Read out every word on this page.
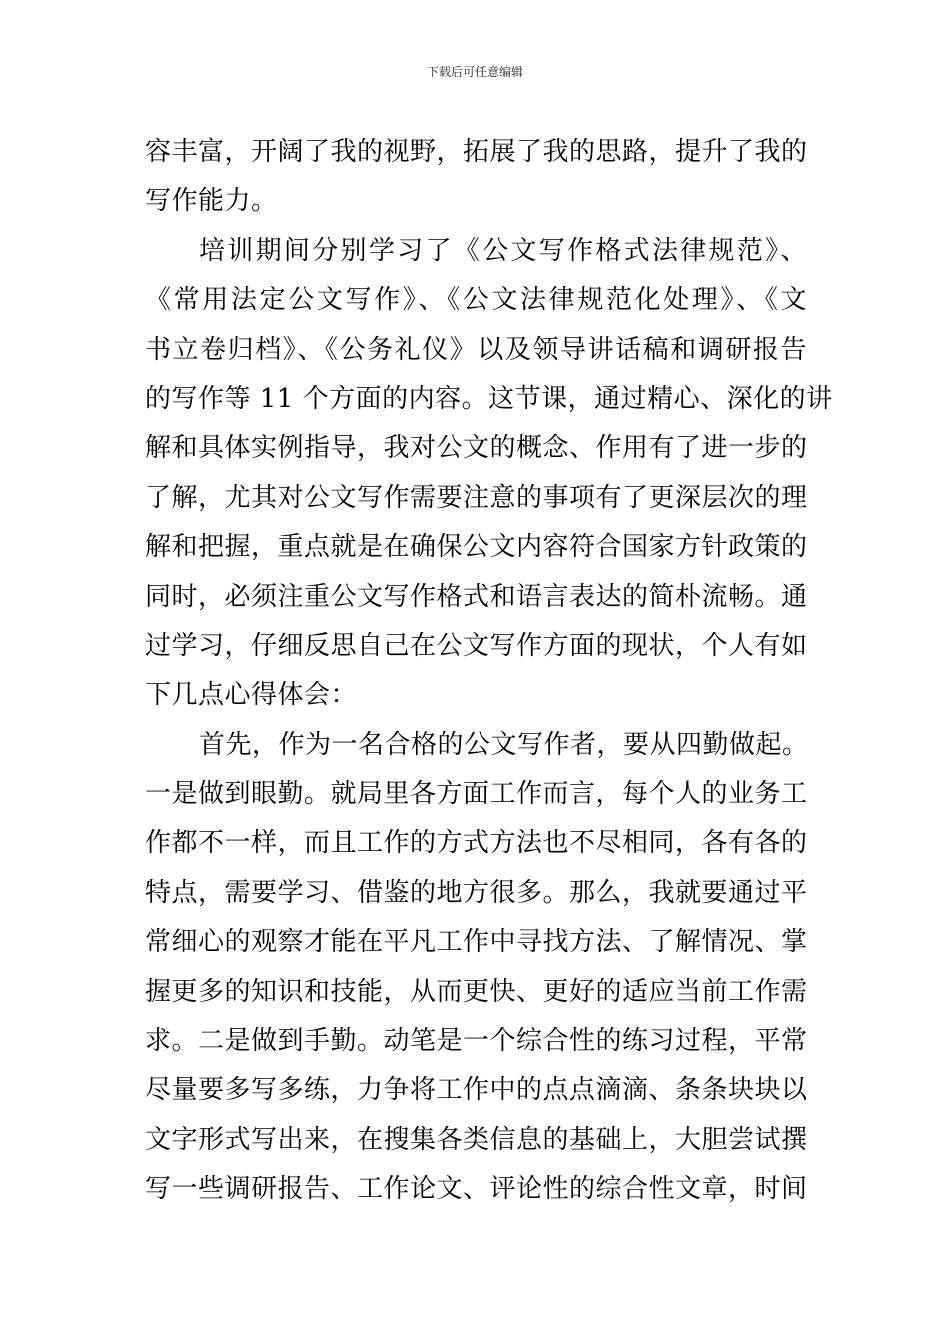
下载后可任意编辑
容丰富，开阔了我的视野，拓展了我的思路，提升了我的
写作能力。
培训期间分别学习了《公文写作格式法律规范》、
《常用法定公文写作》、《公文法律规范化处理》、《文
书立卷归档》、《公务礼仪》以及领导讲话稿和调研报告
的写作等 11 个方面的内容。这节课，通过精心、深化的讲
解和具体实例指导，我对公文的概念、作用有了进一步的
了解，尤其对公文写作需要注意的事项有了更深层次的理
解和把握，重点就是在确保公文内容符合国家方针政策的
同时，必须注重公文写作格式和语言表达的简朴流畅。通
过学习，仔细反思自己在公文写作方面的现状，个人有如
下几点心得体会：
首先，作为一名合格的公文写作者，要从四勤做起。
一是做到眼勤。就局里各方面工作而言，每个人的业务工
作都不一样，而且工作的方式方法也不尽相同，各有各的
特点，需要学习、借鉴的地方很多。那么，我就要通过平
常细心的观察才能在平凡工作中寻找方法、了解情况、掌
握更多的知识和技能，从而更快、更好的适应当前工作需
求。二是做到手勤。动笔是一个综合性的练习过程，平常
尽量要多写多练，力争将工作中的点点滴滴、条条块块以
文字形式写出来，在搜集各类信息的基础上，大胆尝试撰
写一些调研报告、工作论文、评论性的综合性文章，时间
